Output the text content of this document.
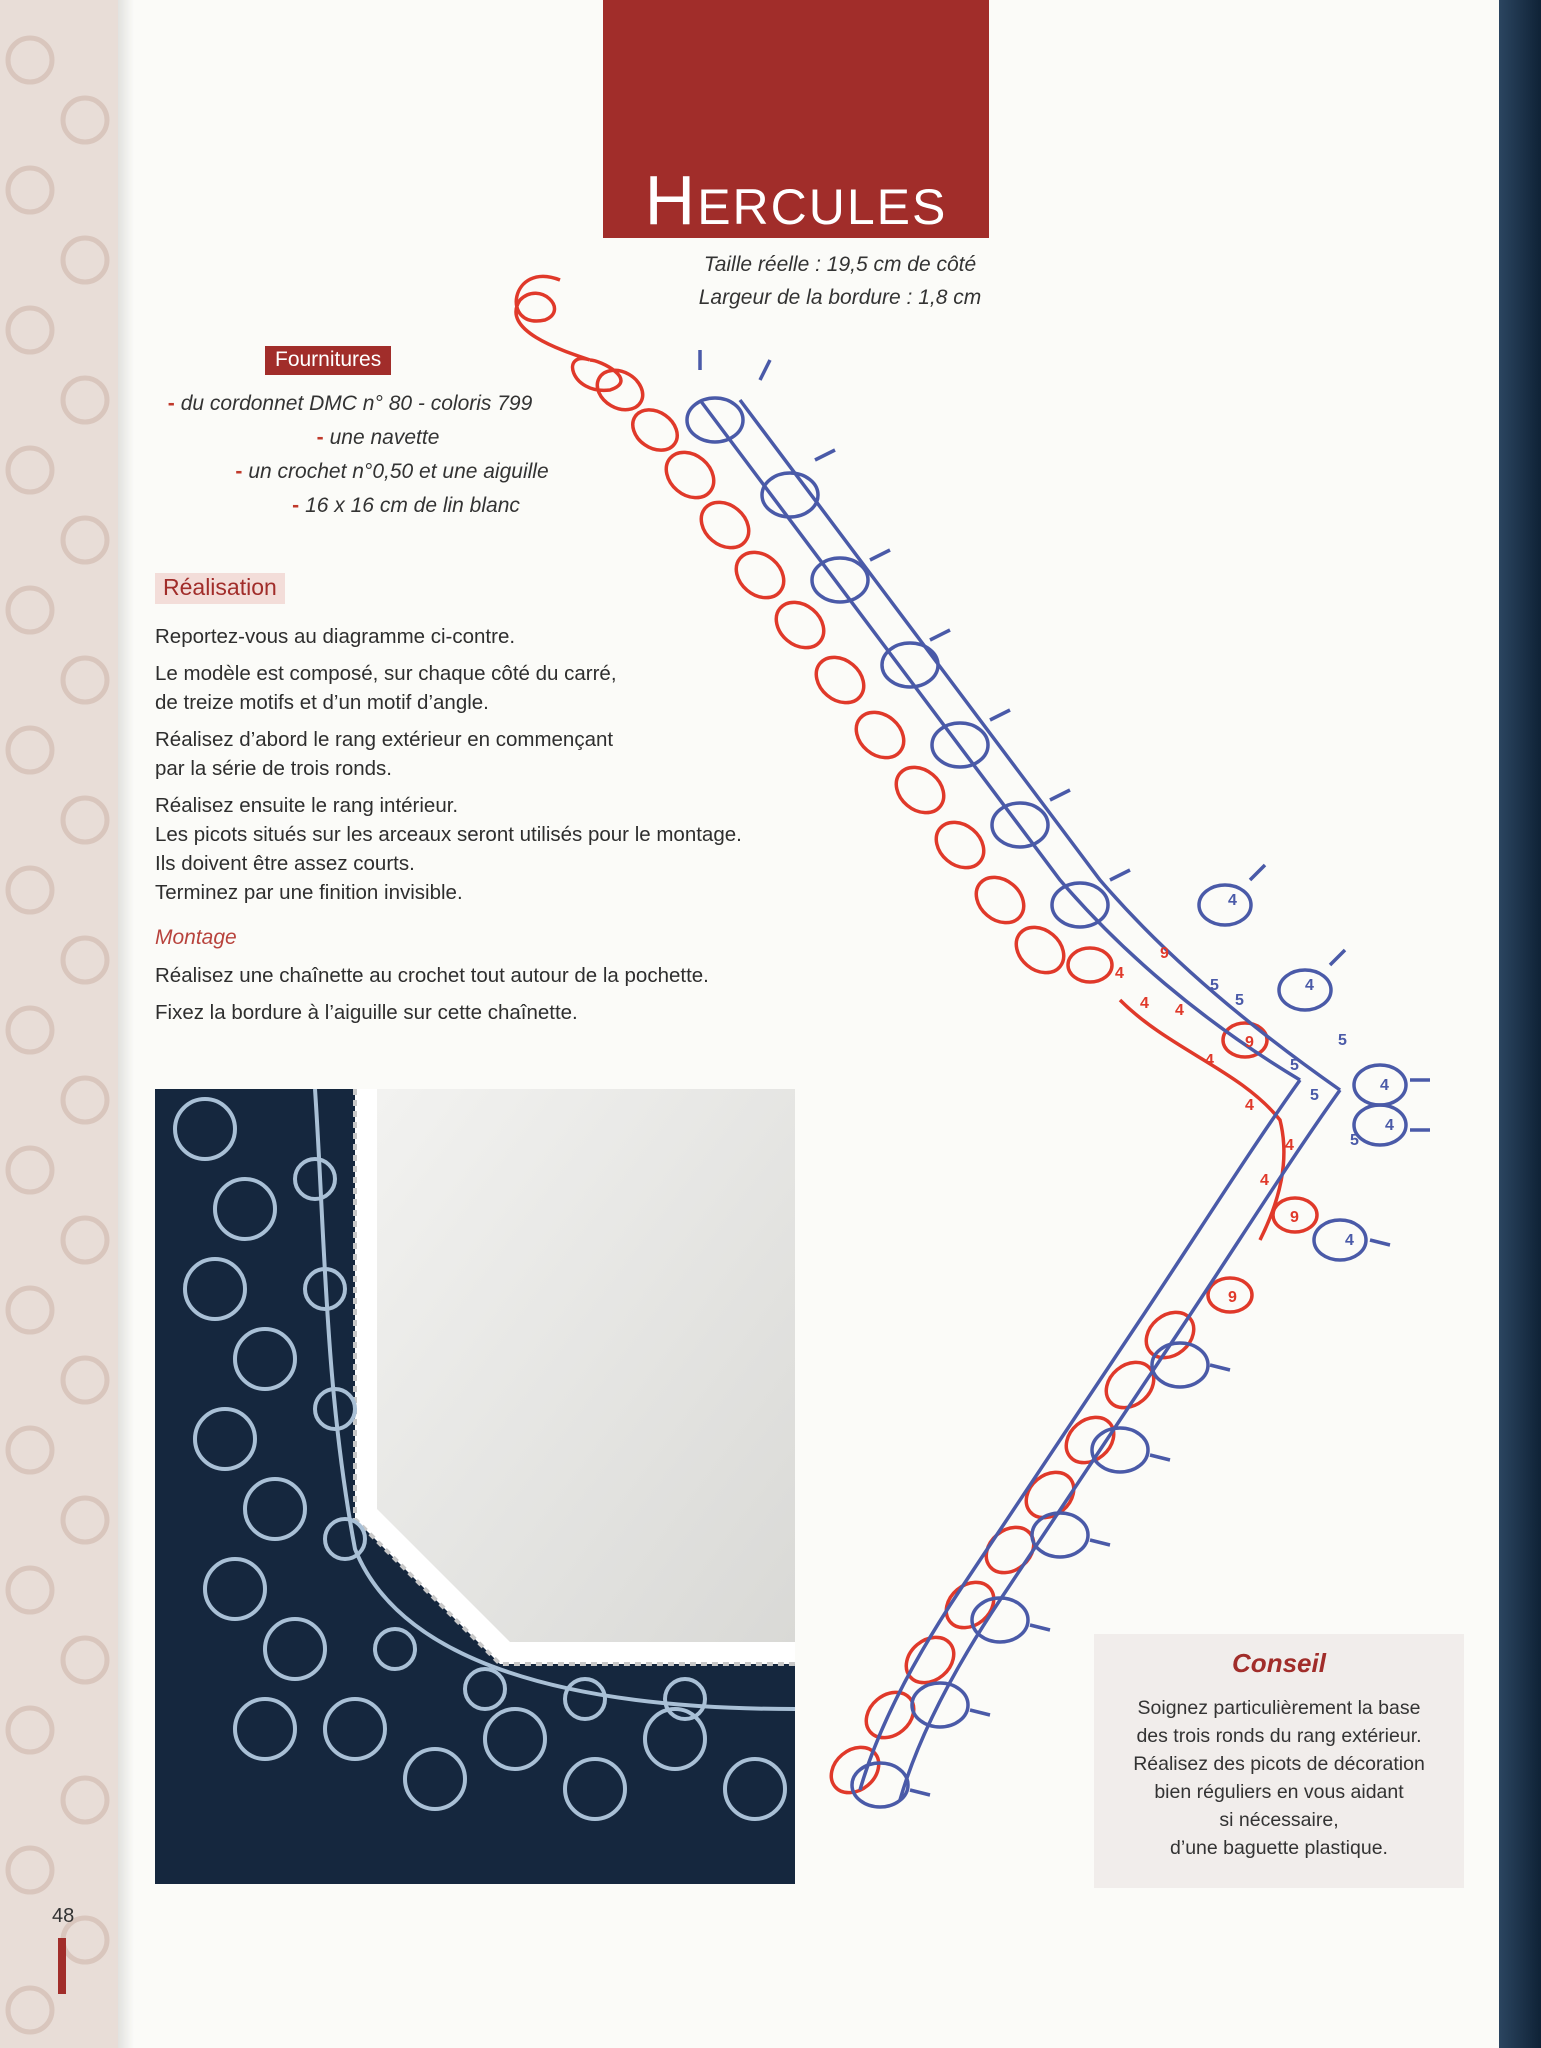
HERCULES
Taille réelle : 19,5 cm de côté
Largeur de la bordure : 1,8 cm
Fournitures
- du cordonnet DMC n° 80 - coloris 799
- une navette
- un crochet n°0,50 et une aiguille
- 16 x 16 cm de lin blanc
Réalisation
Reportez-vous au diagramme ci-contre.
Le modèle est composé, sur chaque côté du carré,
de treize motifs et d’un motif d’angle.
Réalisez d’abord le rang extérieur en commençant
par la série de trois ronds.
Réalisez ensuite le rang intérieur.
Les picots situés sur les arceaux seront utilisés pour le montage.
Ils doivent être assez courts.
Terminez par une finition invisible.
Montage
Réalisez une chaînette au crochet tout autour de la pochette.
Fixez la bordure à l’aiguille sur cette chaînette.
9
9
9
9
4
4 4
4
4
4
4
4
4
4
4
4
5
5
5
5
5
5
Conseil
Soignez particulièrement la base
des trois ronds du rang extérieur.
Réalisez des picots de décoration
bien réguliers en vous aidant
si nécessaire,
d’une baguette plastique.
48
